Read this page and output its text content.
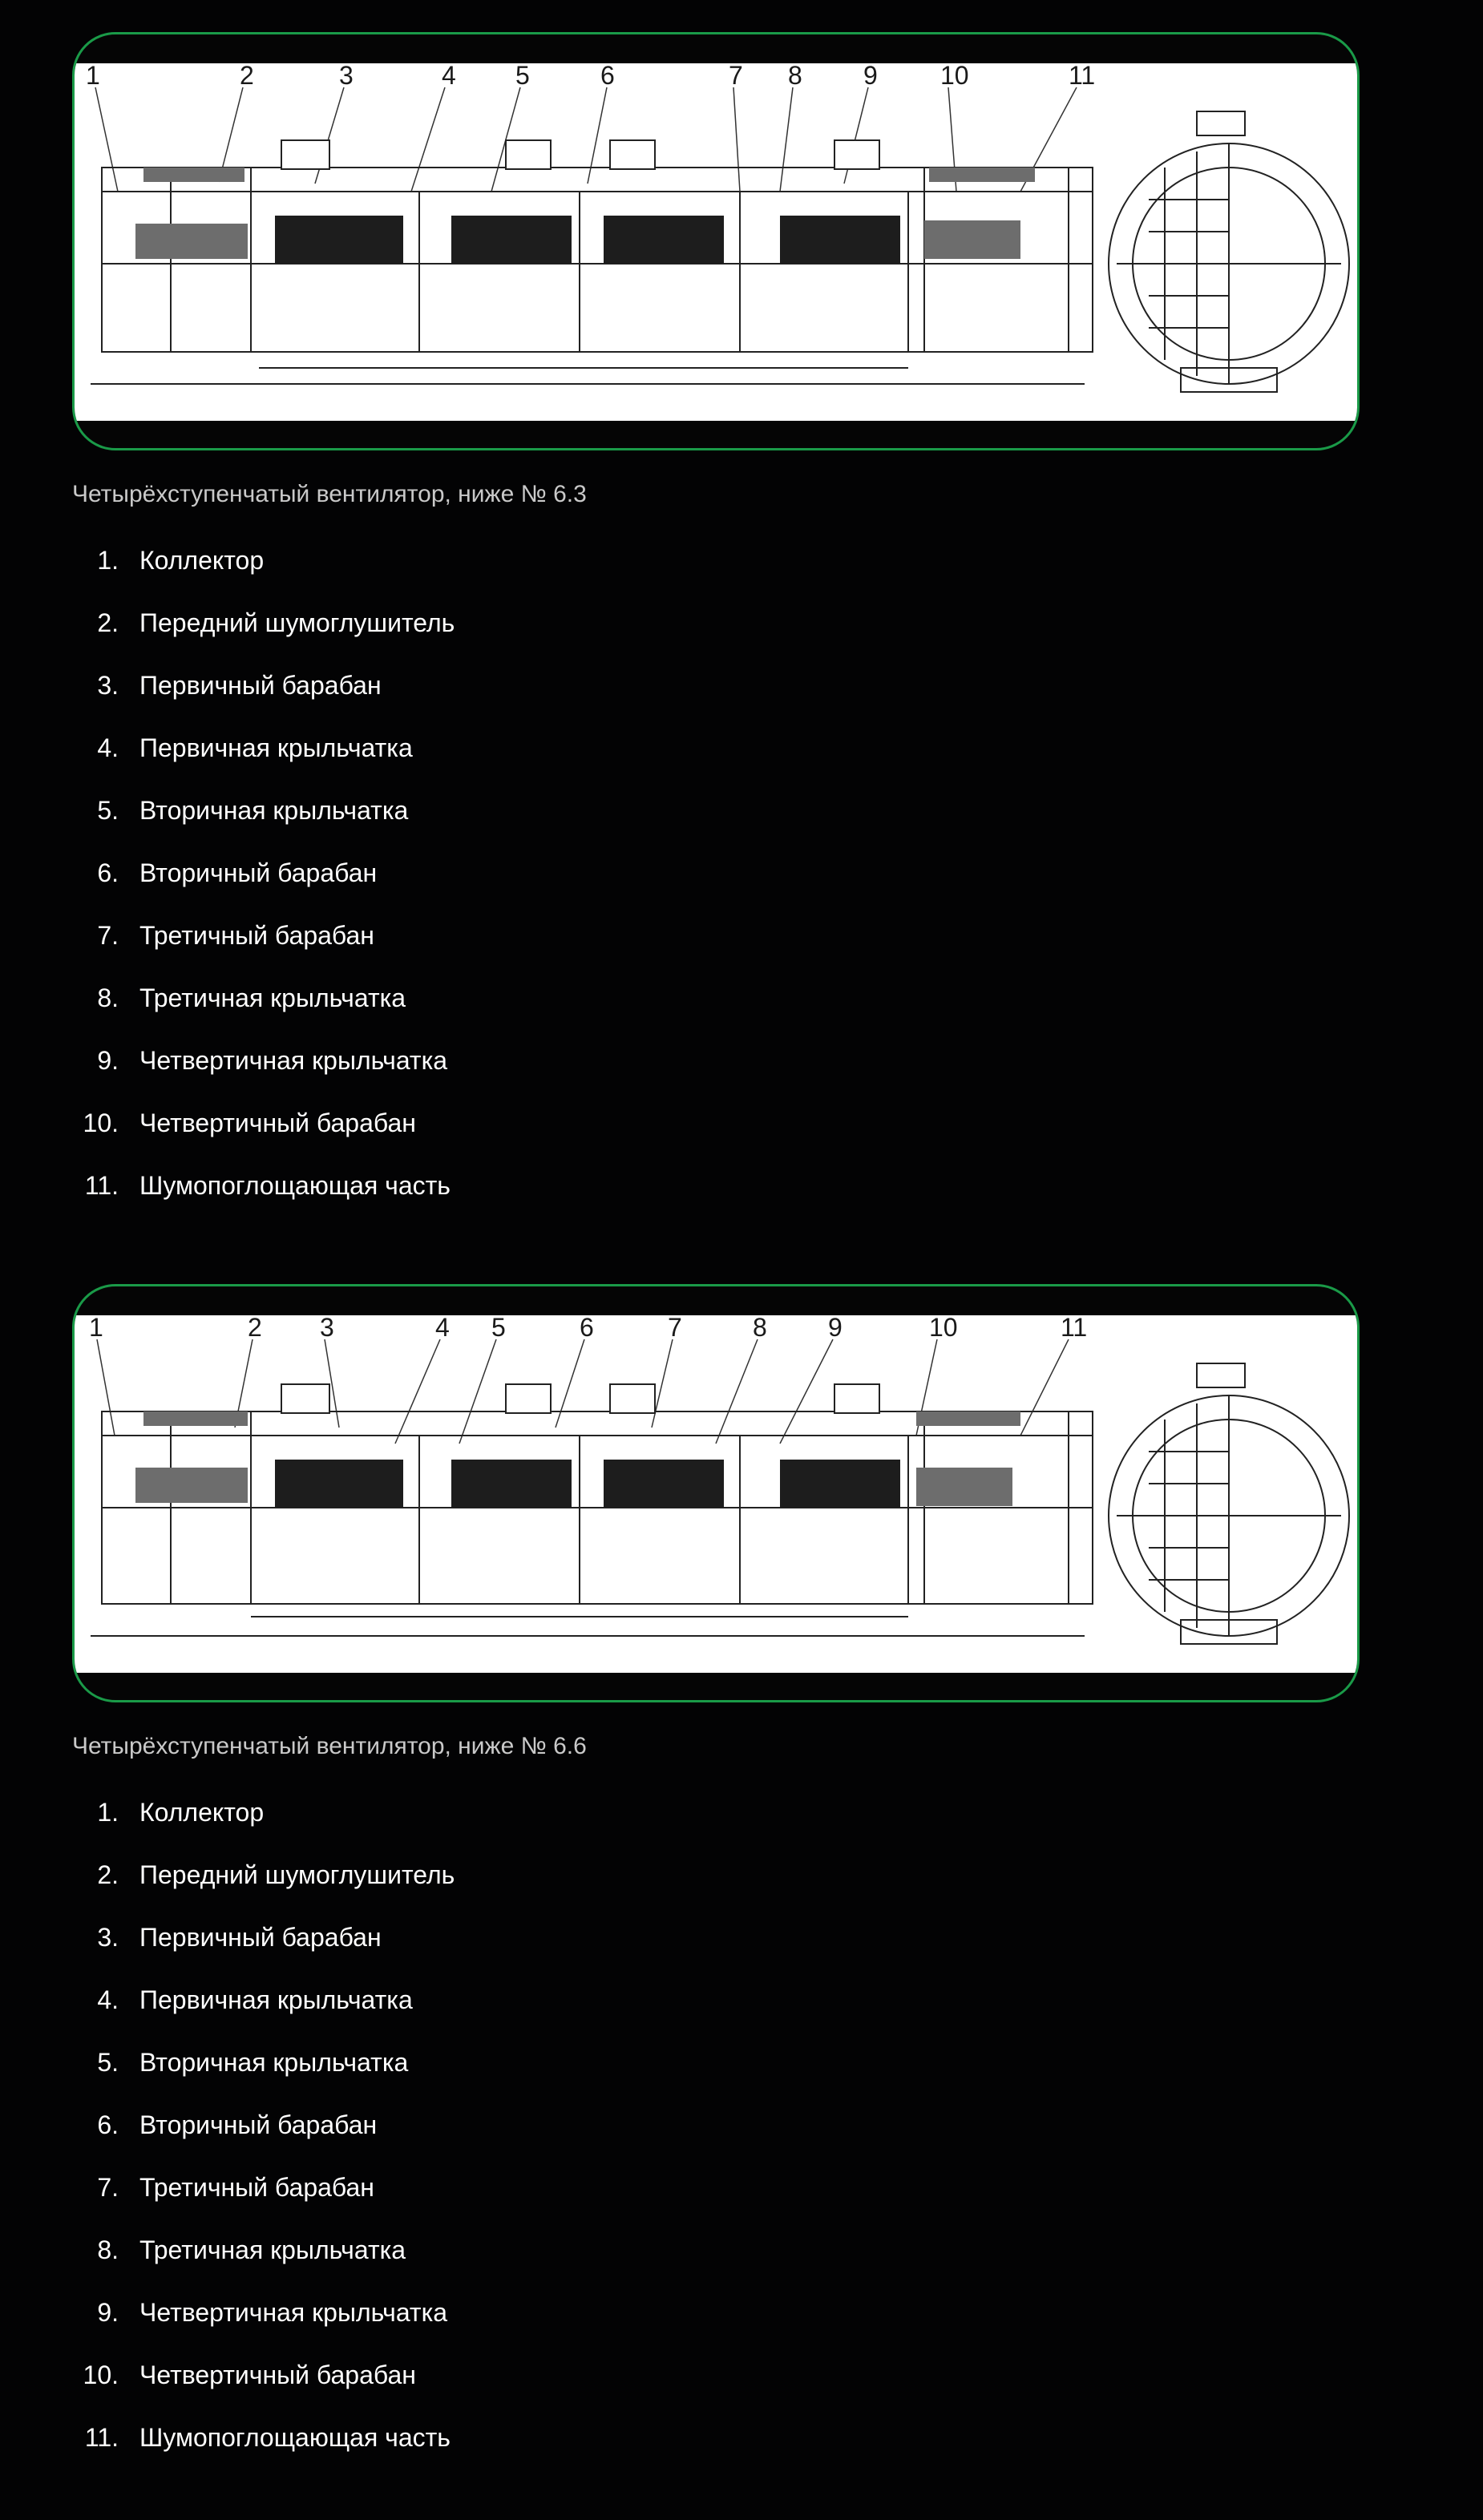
1	2	3	4 5	6	7 8 9 10	11

Четырёхступенчатый вентилятор, ниже № 6.3

1. Коллектор
2. Передний шумоглушитель
3. Первичный барабан
4. Первичная крыльчатка
5. Вторичная крыльчатка
6. Вторичный барабан
7. Третичный барабан
8. Третичная крыльчатка
9. Четвертичная крыльчатка
10. Четвертичный барабан
11. Шумопоглощающая часть
1	2 3	4 5	6	7	8 9	10	11

Четырёхступенчатый вентилятор, ниже № 6.6

1. Коллектор
2. Передний шумоглушитель
3. Первичный барабан
4. Первичная крыльчатка
5. Вторичная крыльчатка
6. Вторичный барабан
7. Третичный барабан
8. Третичная крыльчатка
9. Четвертичная крыльчатка
10. Четвертичный барабан
11. Шумопоглощающая часть
